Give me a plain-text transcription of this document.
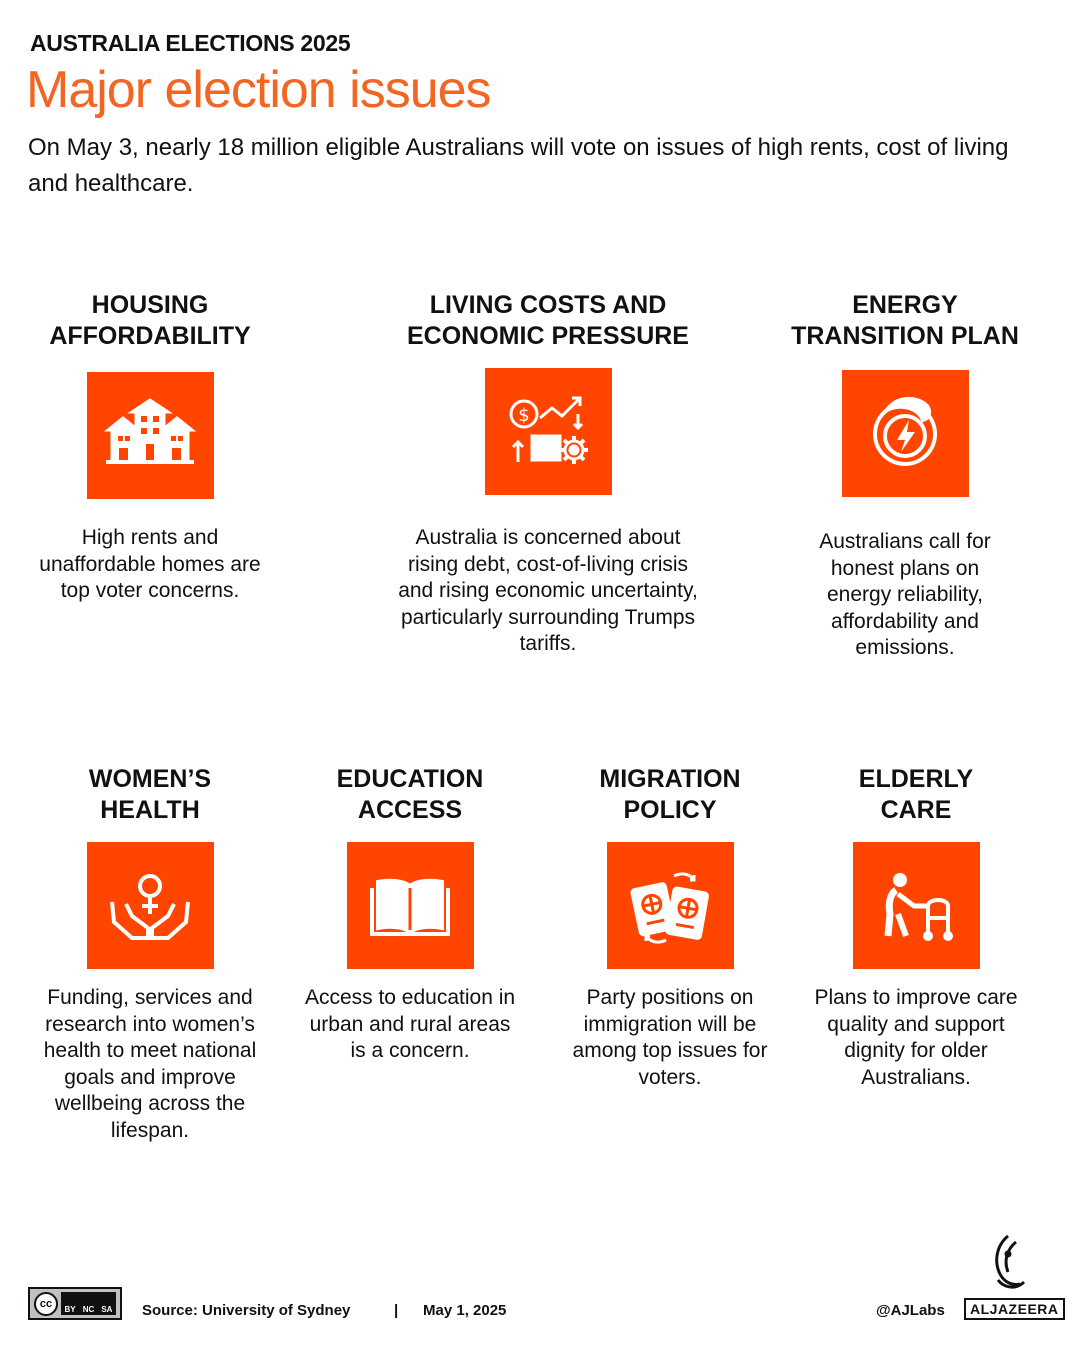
AUSTRALIA ELECTIONS 2025
Major election issues
On May 3, nearly 18 million eligible Australians will vote on issues of high rents, cost of living and healthcare.
HOUSING
AFFORDABILITY
High rents and unaffordable homes are top voter concerns.
LIVING COSTS AND
ECONOMIC PRESSURE
$
Australia is concerned about rising debt, cost-of-living crisis and rising economic uncertainty, particularly surrounding Trumps tariffs.
ENERGY
TRANSITION PLAN
Australians call for honest plans on energy reliability, affordability and emissions.
WOMEN’S
HEALTH
Funding, services and research into women’s health to meet national goals and improve wellbeing across the lifespan.
EDUCATION
ACCESS
Access to education in urban and rural areas is a concern.
MIGRATION
POLICY
Party positions on immigration will be among top issues for voters.
ELDERLY
CARE
Plans to improve care quality and support dignity for older Australians.
cc	BY NC SA Source: University of Sydney	| May 1, 2025	@AJLabs	ALJAZEERA
